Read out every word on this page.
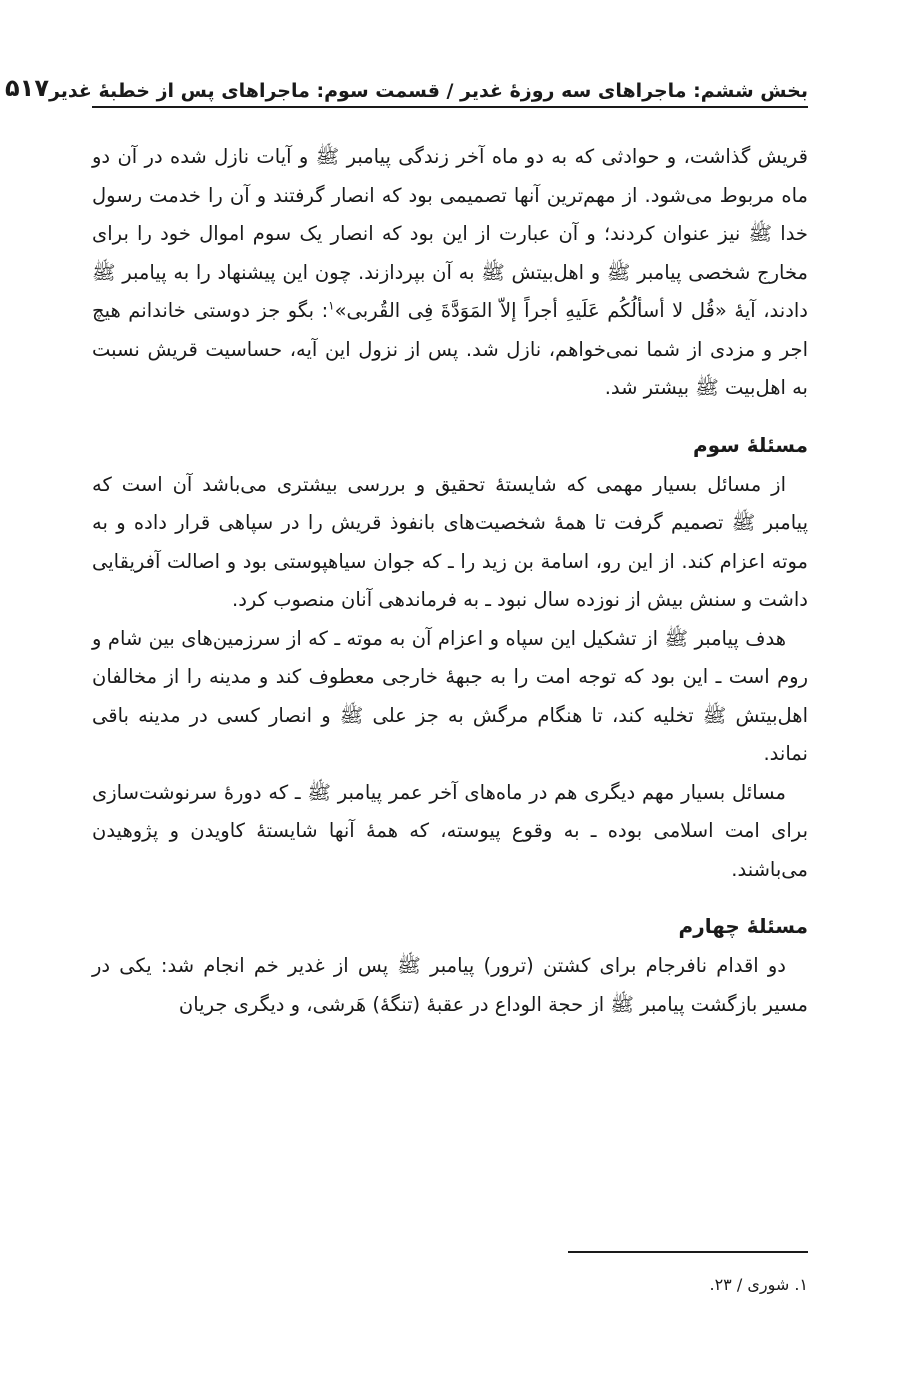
بخش ششم: ماجراهای سه روزۀ غدیر / قسمت سوم: ماجراهای پس از خطبۀ غدیر
۵۱۷

قریش گذاشت، و حوادثی که به دو ماه آخر زندگی پیامبر ﷺ و آیات نازل شده در آن دو ماه مربوط می‌شود. از مهم‌ترین آنها تصمیمی بود که انصار گرفتند و آن را خدمت رسول خدا ﷺ نیز عنوان کردند؛ و آن عبارت از این بود که انصار یک سوم اموال خود را برای مخارج شخصی پیامبر ﷺ و اهل‌بیتش ﷺ به آن بپردازند. چون این پیشنهاد را به پیامبر ﷺ دادند، آیۀ «قُل لا أسألُکُم عَلَیهِ أجراً إلاّ المَوَدَّةَ فِی القُربی»$^۱$: بگو جز دوستی خاندانم هیچ اجر و مزدی از شما نمی‌خواهم، نازل شد. پس از نزول این آیه، حساسیت قریش نسبت به اهل‌بیت ﷺ بیشتر شد.

مسئلۀ سوم

از مسائل بسیار مهمی که شایستۀ تحقیق و بررسی بیشتری می‌باشد آن است که پیامبر ﷺ تصمیم گرفت تا همۀ شخصیت‌های بانفوذ قریش را در سپاهی قرار داده و به موته اعزام کند. از این رو، اسامة بن زید را ـ که جوان سیاهپوستی بود و اصالت آفریقایی داشت و سنش بیش از نوزده سال نبود ـ به فرماندهی آنان منصوب کرد.

هدف پیامبر ﷺ از تشکیل این سپاه و اعزام آن به موته ـ که از سرزمین‌های بین شام و روم است ـ این بود که توجه امت را به جبهۀ خارجی معطوف کند و مدینه را از مخالفان اهل‌بیتش ﷺ تخلیه کند، تا هنگام مرگش به جز علی ﷺ و انصار کسی در مدینه باقی نماند.

مسائل بسیار مهم دیگری هم در ماه‌های آخر عمر پیامبر ﷺ ـ که دورۀ سرنوشت‌سازی برای امت اسلامی بوده ـ به وقوع پیوسته، که همۀ آنها شایستۀ کاویدن و پژوهیدن می‌باشند.

مسئلۀ چهارم

دو اقدام نافرجام برای کشتن (ترور) پیامبر ﷺ پس از غدیر خم انجام شد: یکی در مسیر بازگشت پیامبر ﷺ از حجة الوداع در عقبۀ (تنگۀ) هَرشی، و دیگری جریان

۱. شوری / ۲۳.
